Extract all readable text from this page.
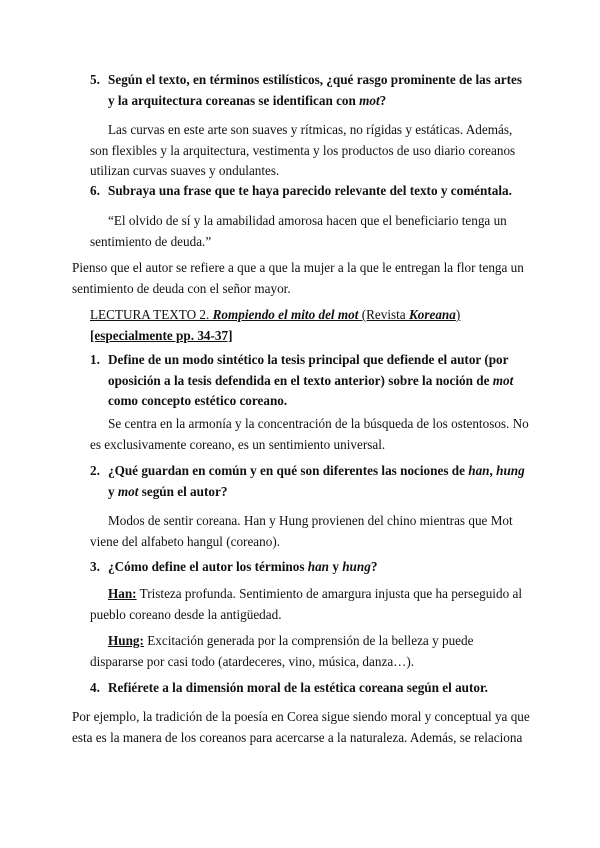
5. Según el texto, en términos estilísticos, ¿qué rasgo prominente de las artes
y la arquitectura coreanas se identifican con mot?
Las curvas en este arte son suaves y rítmicas, no rígidas y estáticas. Además,
son flexibles y la arquitectura, vestimenta y los productos de uso diario coreanos
utilizan curvas suaves y ondulantes.
6. Subraya una frase que te haya parecido relevante del texto y coméntala.
“El olvido de sí y la amabilidad amorosa hacen que el beneficiario tenga un
sentimiento de deuda.”
Pienso que el autor se refiere a que a que la mujer a la que le entregan la flor tenga un
sentimiento de deuda con el señor mayor.
LECTURA TEXTO 2. Rompiendo el mito del mot (Revista Koreana)
[especialmente pp. 34-37]
1. Define de un modo sintético la tesis principal que defiende el autor (por
oposición a la tesis defendida en el texto anterior) sobre la noción de mot
como concepto estético coreano.
Se centra en la armonía y la concentración de la búsqueda de los ostentosos. No
es exclusivamente coreano, es un sentimiento universal.
2. ¿Qué guardan en común y en qué son diferentes las nociones de han, hung
y mot según el autor?
Modos de sentir coreana. Han y Hung provienen del chino mientras que Mot
viene del alfabeto hangul (coreano).
3. ¿Cómo define el autor los términos han y hung?
Han: Tristeza profunda. Sentimiento de amargura injusta que ha perseguido al
pueblo coreano desde la antigüedad.
Hung: Excitación generada por la comprensión de la belleza y puede
dispararse por casi todo (atardeceres, vino, música, danza…).
4. Refiérete a la dimensión moral de la estética coreana según el autor.
Por ejemplo, la tradición de la poesía en Corea sigue siendo moral y conceptual ya que
esta es la manera de los coreanos para acercarse a la naturaleza. Además, se relaciona
